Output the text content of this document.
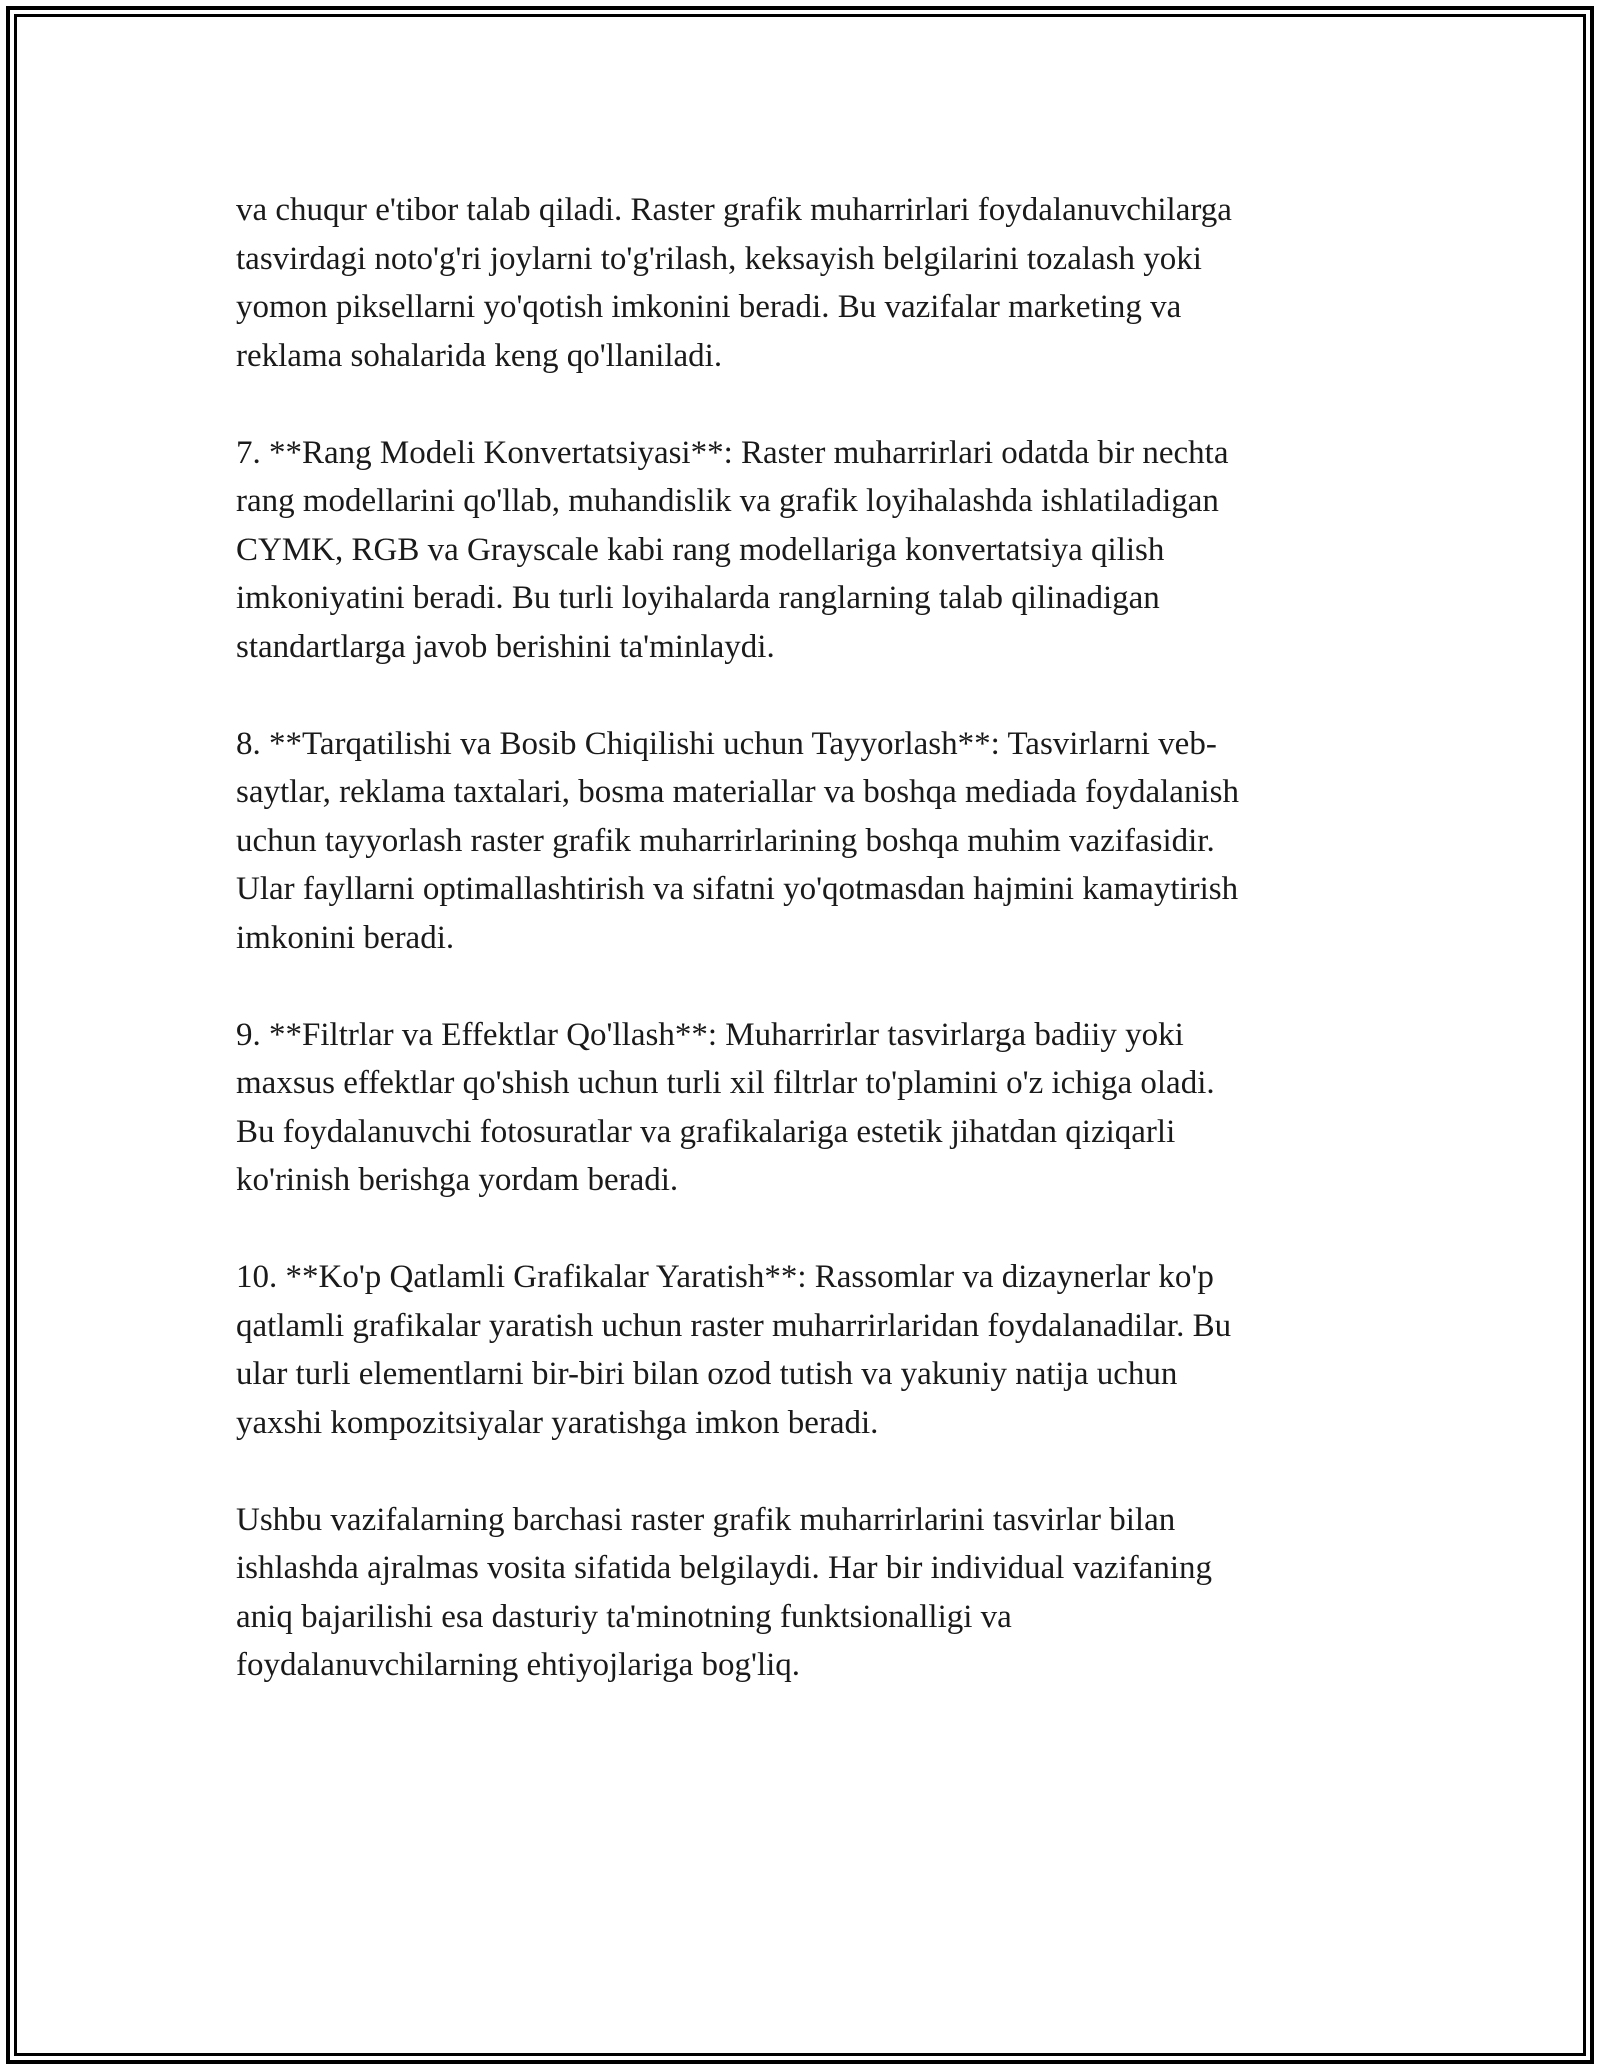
va chuqur e'tibor talab qiladi. Raster grafik muharrirlari foydalanuvchilarga
tasvirdagi noto'g'ri joylarni to'g'rilash, keksayish belgilarini tozalash yoki
yomon piksellarni yo'qotish imkonini beradi. Bu vazifalar marketing va
reklama sohalarida keng qo'llaniladi.

7. **Rang Modeli Konvertatsiyasi**: Raster muharrirlari odatda bir nechta
rang modellarini qo'llab, muhandislik va grafik loyihalashda ishlatiladigan
CYMK, RGB va Grayscale kabi rang modellariga konvertatsiya qilish
imkoniyatini beradi. Bu turli loyihalarda ranglarning talab qilinadigan
standartlarga javob berishini ta'minlaydi.

8. **Tarqatilishi va Bosib Chiqilishi uchun Tayyorlash**: Tasvirlarni veb-
saytlar, reklama taxtalari, bosma materiallar va boshqa mediada foydalanish
uchun tayyorlash raster grafik muharrirlarining boshqa muhim vazifasidir.
Ular fayllarni optimallashtirish va sifatni yo'qotmasdan hajmini kamaytirish
imkonini beradi.

9. **Filtrlar va Effektlar Qo'llash**: Muharrirlar tasvirlarga badiiy yoki
maxsus effektlar qo'shish uchun turli xil filtrlar to'plamini o'z ichiga oladi.
Bu foydalanuvchi fotosuratlar va grafikalariga estetik jihatdan qiziqarli
ko'rinish berishga yordam beradi.

10. **Ko'p Qatlamli Grafikalar Yaratish**: Rassomlar va dizaynerlar ko'p
qatlamli grafikalar yaratish uchun raster muharrirlaridan foydalanadilar. Bu
ular turli elementlarni bir-biri bilan ozod tutish va yakuniy natija uchun
yaxshi kompozitsiyalar yaratishga imkon beradi.

Ushbu vazifalarning barchasi raster grafik muharrirlarini tasvirlar bilan
ishlashda ajralmas vosita sifatida belgilaydi. Har bir individual vazifaning
aniq bajarilishi esa dasturiy ta'minotning funktsionalligi va
foydalanuvchilarning ehtiyojlariga bog'liq.
